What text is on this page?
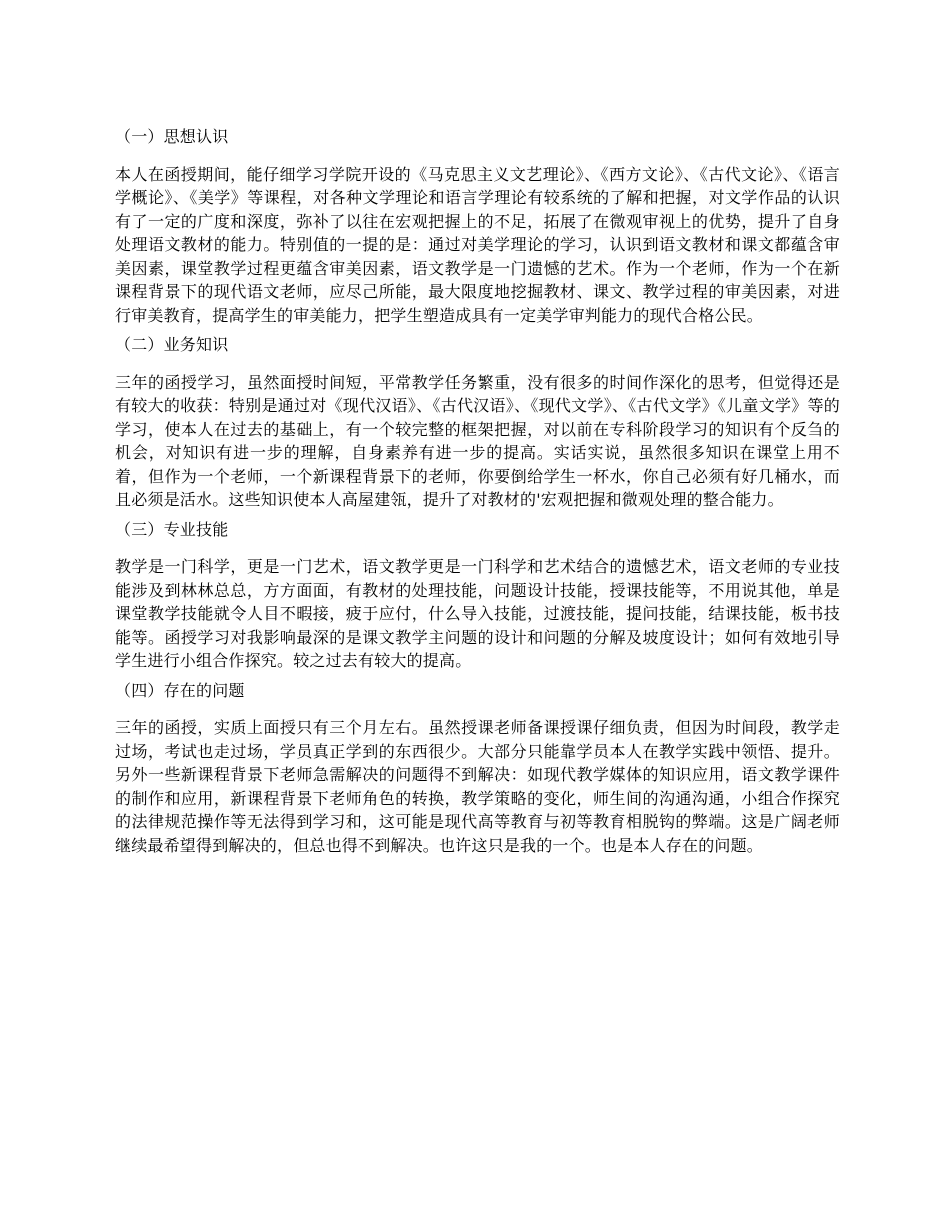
（一）思想认识

本人在函授期间，能仔细学习学院开设的《马克思主义文艺理论》、《西方文论》、《古代文论》、《语言学概论》、《美学》等课程，对各种文学理论和语言学理论有较系统的了解和把握，对文学作品的认识有了一定的广度和深度，弥补了以往在宏观把握上的不足，拓展了在微观审视上的优势，提升了自身处理语文教材的能力。特别值的一提的是：通过对美学理论的学习，认识到语文教材和课文都蕴含审美因素，课堂教学过程更蕴含审美因素，语文教学是一门遗憾的艺术。作为一个老师，作为一个在新课程背景下的现代语文老师，应尽己所能，最大限度地挖掘教材、课文、教学过程的审美因素，对进行审美教育，提高学生的审美能力，把学生塑造成具有一定美学审判能力的现代合格公民。

（二）业务知识

三年的函授学习，虽然面授时间短，平常教学任务繁重，没有很多的时间作深化的思考，但觉得还是有较大的收获：特别是通过对《现代汉语》、《古代汉语》、《现代文学》、《古代文学》《儿童文学》等的学习，使本人在过去的基础上，有一个较完整的框架把握，对以前在专科阶段学习的知识有个反刍的机会，对知识有进一步的理解，自身素养有进一步的提高。实话实说，虽然很多知识在课堂上用不着，但作为一个老师，一个新课程背景下的老师，你要倒给学生一杯水，你自己必须有好几桶水，而且必须是活水。这些知识使本人高屋建瓴，提升了对教材的'宏观把握和微观处理的整合能力。

（三）专业技能

教学是一门科学，更是一门艺术，语文教学更是一门科学和艺术结合的遗憾艺术，语文老师的专业技能涉及到林林总总，方方面面，有教材的处理技能，问题设计技能，授课技能等，不用说其他，单是课堂教学技能就令人目不暇接，疲于应付，什么导入技能，过渡技能，提问技能，结课技能，板书技能等。函授学习对我影响最深的是课文教学主问题的设计和问题的分解及坡度设计；如何有效地引导学生进行小组合作探究。较之过去有较大的提高。

（四）存在的问题

三年的函授，实质上面授只有三个月左右。虽然授课老师备课授课仔细负责，但因为时间段，教学走过场，考试也走过场，学员真正学到的东西很少。大部分只能靠学员本人在教学实践中领悟、提升。另外一些新课程背景下老师急需解决的问题得不到解决：如现代教学媒体的知识应用，语文教学课件的制作和应用，新课程背景下老师角色的转换，教学策略的变化，师生间的沟通沟通，小组合作探究的法律规范操作等无法得到学习和，这可能是现代高等教育与初等教育相脱钩的弊端。这是广阔老师继续最希望得到解决的，但总也得不到解决。也许这只是我的一个。也是本人存在的问题。
